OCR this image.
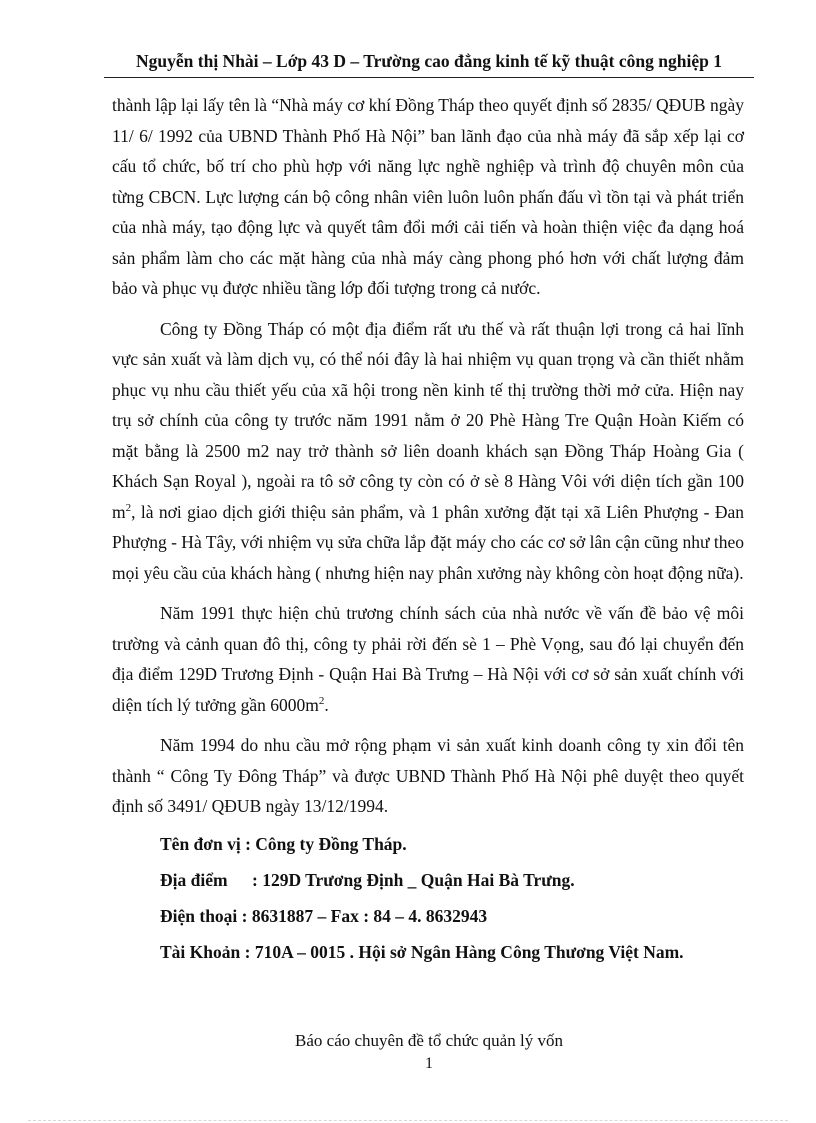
Nguyễn thị Nhài – Lớp 43 D – Trường cao đẳng kinh tế kỹ thuật công nghiệp 1

thành lập lại lấy tên là “Nhà máy cơ khí Đồng Tháp theo quyết định số 2835/ QĐUB ngày 11/ 6/ 1992 của UBND Thành Phố Hà Nội” ban lãnh đạo của nhà máy đã sắp xếp lại cơ cấu tổ chức, bố trí cho phù hợp với năng lực nghề nghiệp và trình độ chuyên môn của từng CBCN. Lực lượng cán bộ công nhân viên luôn luôn phấn đấu vì tồn tại và phát triển của nhà máy, tạo động lực và quyết tâm đổi mới cải tiến và hoàn thiện việc đa dạng hoá sản phẩm làm cho các mặt hàng của nhà máy càng phong phó hơn với chất lượng đảm bảo và phục vụ được nhiều tầng lớp đối tượng trong cả nước.

Công ty Đồng Tháp có một địa điểm rất ưu thế và rất thuận lợi trong cả hai lĩnh vực sản xuất và làm dịch vụ, có thể nói đây là hai nhiệm vụ quan trọng và cần thiết nhằm phục vụ nhu cầu thiết yếu của xã hội trong nền kinh tế thị trường thời mở cửa. Hiện nay trụ sở chính của công ty trước năm 1991 nằm ở 20 Phè Hàng Tre Quận Hoàn Kiếm có mặt bằng là 2500 m2 nay trở thành sở liên doanh khách sạn Đồng Tháp Hoàng Gia ( Khách Sạn Royal ), ngoài ra tô sở công ty còn có ở sè 8 Hàng Vôi với diện tích gần 100 $m^2$, là nơi giao dịch giới thiệu sản phẩm, và 1 phân xưởng đặt tại xã Liên Phượng - Đan Phượng - Hà Tây, với nhiệm vụ sửa chữa lắp đặt máy cho các cơ sở lân cận cũng như theo mọi yêu cầu của khách hàng ( nhưng hiện nay phân xưởng này không còn hoạt động nữa).

Năm 1991 thực hiện chủ trương chính sách của nhà nước về vấn đề bảo vệ môi trường và cảnh quan đô thị, công ty phải rời đến sè 1 – Phè Vọng, sau đó lại chuyển đến địa điểm 129D Trương Định - Quận Hai Bà Trưng – Hà Nội với cơ sở sản xuất chính với diện tích lý tưởng gần $6000m^2$.

Năm 1994 do nhu cầu mở rộng phạm vi sản xuất kinh doanh công ty xin đổi tên thành “ Công Ty Đông Tháp” và được UBND Thành Phố Hà Nội phê duyệt theo quyết định số 3491/ QĐUB ngày 13/12/1994.

Tên đơn vị : Công ty Đồng Tháp.

Địa điểm : 129D Trương Định _ Quận Hai Bà Trưng.

Điện thoại : 8631887 – Fax : 84 – 4. 8632943

Tài Khoản : 710A – 0015 . Hội sở Ngân Hàng Công Thương Việt Nam.

Báo cáo chuyên đề tổ chức quản lý vốn
1
